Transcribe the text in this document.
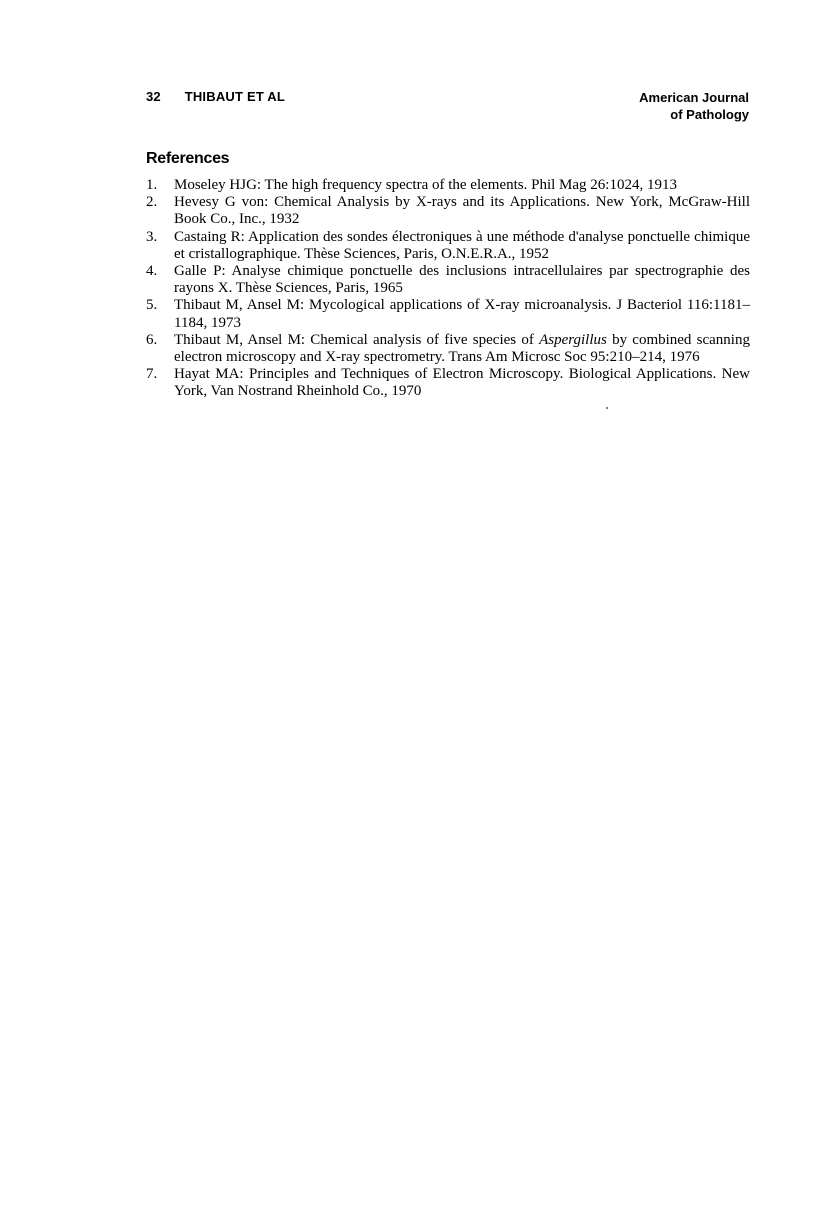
32 THIBAUT ET AL	American Journal
of Pathology
References
1.	Moseley HJG: The high frequency spectra of the elements. Phil Mag 26:1024, 1913
2.	Hevesy G von: Chemical Analysis by X-rays and its Applications. New York, McGraw-Hill Book Co., Inc., 1932
3.	Castaing R: Application des sondes électroniques à une méthode d'analyse ponctuelle chimique et cristallographique. Thèse Sciences, Paris, O.N.E.R.A., 1952
4.	Galle P: Analyse chimique ponctuelle des inclusions intracellulaires par spectrographie des rayons X. Thèse Sciences, Paris, 1965
5.	Thibaut M, Ansel M: Mycological applications of X-ray microanalysis. J Bacteriol 116:1181–1184, 1973
6.	Thibaut M, Ansel M: Chemical analysis of five species of Aspergillus by combined scanning electron microscopy and X-ray spectrometry. Trans Am Microsc Soc 95:210–214, 1976
7.	Hayat MA: Principles and Techniques of Electron Microscopy. Biological Applications. New York, Van Nostrand Rheinhold Co., 1970
